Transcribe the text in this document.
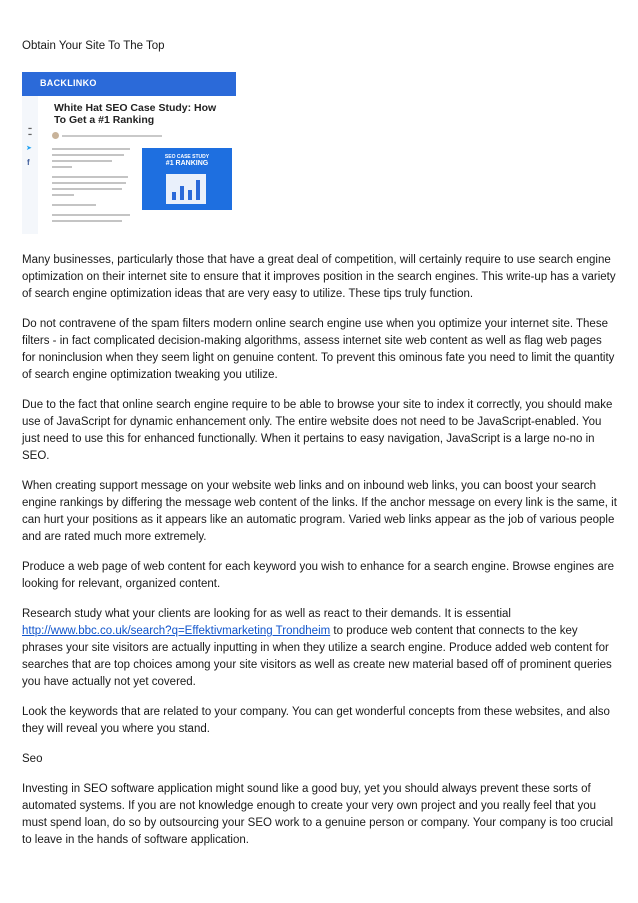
Obtain Your Site To The Top
BACKLINKO
▪▪
▪▪
➤
f
White Hat SEO Case Study: How To Get a #1 Ranking
SEO CASE STUDY
#1 RANKING

Many businesses, particularly those that have a great deal of competition, will certainly require to use search engine optimization on their internet site to ensure that it improves position in the search engines. This write-up has a variety of search engine optimization ideas that are very easy to utilize. These tips truly function.

Do not contravene of the spam filters modern online search engine use when you optimize your internet site. These filters - in fact complicated decision-making algorithms, assess internet site web content as well as flag web pages for noninclusion when they seem light on genuine content. To prevent this ominous fate you need to limit the quantity of search engine optimization tweaking you utilize.

Due to the fact that online search engine require to be able to browse your site to index it correctly, you should make use of JavaScript for dynamic enhancement only. The entire website does not need to be JavaScript-enabled. You just need to use this for enhanced functionally. When it pertains to easy navigation, JavaScript is a large no-no in SEO.

When creating support message on your website web links and on inbound web links, you can boost your search engine rankings by differing the message web content of the links. If the anchor message on every link is the same, it can hurt your positions as it appears like an automatic program. Varied web links appear as the job of various people and are rated much more extremely.

Produce a web page of web content for each keyword you wish to enhance for a search engine. Browse engines are looking for relevant, organized content.

Research study what your clients are looking for as well as react to their demands. It is essential http://www.bbc.co.uk/search?q=Effektivmarketing Trondheim to produce web content that connects to the key phrases your site visitors are actually inputting in when they utilize a search engine. Produce added web content for searches that are top choices among your site visitors as well as create new material based off of prominent queries you have actually not yet covered.

Look the keywords that are related to your company. You can get wonderful concepts from these websites, and also they will reveal you where you stand.

Seo

Investing in SEO software application might sound like a good buy, yet you should always prevent these sorts of automated systems. If you are not knowledge enough to create your very own project and you really feel that you must spend loan, do so by outsourcing your SEO work to a genuine person or company. Your company is too crucial to leave in the hands of software application.
